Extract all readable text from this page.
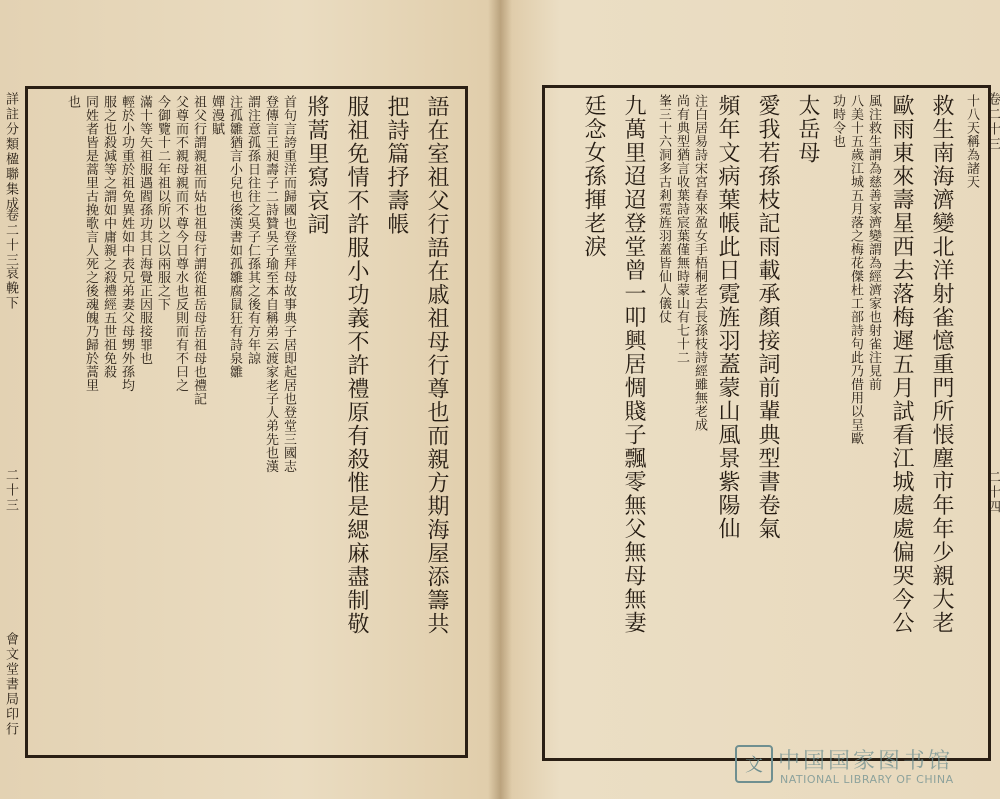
詳註分類楹聯集成
卷二十三
哀輓下
二十三
會文堂書局印行
語在室祖父行語在戚祖母行尊也而親方期海屋添籌共
把詩篇抒壽帳
服祖免情不許服小功義不許禮原有殺惟是緦麻盡制敬
將蒿里寫哀詞
首句言誇重洋而歸國也登堂拜母故事典子居即起居也登堂三國志
登傳言王昶壽子二詩贊吳子瑜至本自稱弟云渡家老子人弟先也漢
謂注意孤孫日往往之吳子仁孫其之後有方年諒
注孤雛猶言小兒也後漢書如孤雛腐鼠狂有詩泉雛
嬋漫賦
祖父行謂親祖而姑也祖母行謂從祖岳母岳祖母也禮記
父尊而不親母親而不尊今日尊水也反則而有不曰之
今御覽十二年祖以所以之以兩服之下
滿十等矢祖服遇閻孫功其日海覺正因服接罪也
輕於小功重於祖免異姓如中表兄弟妻父母甥外孫均
服之也殺減等之謂如中庸親之殺禮經五世祖免殺
同姓者皆是蒿里古挽歌言人死之後魂魄乃歸於蒿里
也	十八天稱為諸天
救生南海濟變北洋射雀憶重門所悵塵市年年少親大老
歐雨東來壽星西去落梅遲五月試看江城處處偏哭今公
風注救生謂為慈善家濟變謂為經濟家也射雀注見前
八美十五歲江城五月落之梅花傑杜工部詩句此乃借用以呈歐
功時令也
太岳母
愛我若孫枝記雨載承顏接詞前輩典型書卷氣
頻年文病葉帳此日霓旌羽蓋蒙山風景紫陽仙
注白居易詩宋宮春來盈女手梧桐老去長孫枝詩經雖無老成
尚有典型猶言收葉詩宸葉僅無時蒙山有七十二
峯三十六洞多古剎霓旌羽蓋皆仙人儀仗
九萬里迢迢登堂曾一叩興居惆賤子飄零無父無母無妻
廷念女孫揮老淚	卷二十三
二十四
文 中国国家图书馆
NATIONAL LIBRARY OF CHINA
